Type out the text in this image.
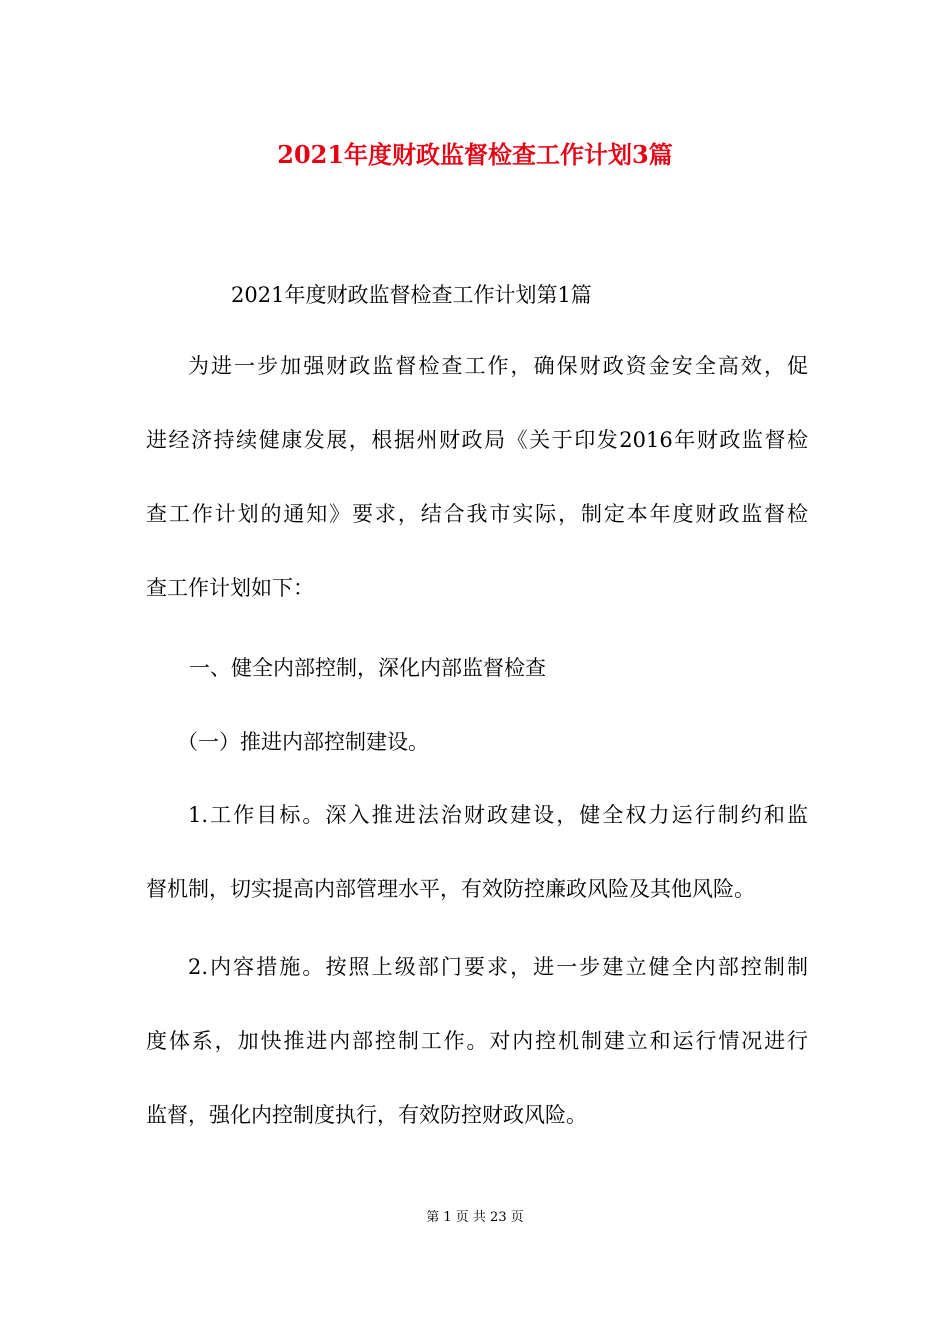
2021年度财政监督检查工作计划3篇
2021年度财政监督检查工作计划第1篇
为进一步加强财政监督检查工作，确保财政资金安全高效，促
进经济持续健康发展，根据州财政局《关于印发2016年财政监督检
查工作计划的通知》要求，结合我市实际，制定本年度财政监督检
查工作计划如下：
一、健全内部控制，深化内部监督检查
（一）推进内部控制建设。
1.工作目标。深入推进法治财政建设，健全权力运行制约和监
督机制，切实提高内部管理水平，有效防控廉政风险及其他风险。
2.内容措施。按照上级部门要求，进一步建立健全内部控制制
度体系，加快推进内部控制工作。对内控机制建立和运行情况进行
监督，强化内控制度执行，有效防控财政风险。
第 1 页 共 23 页
